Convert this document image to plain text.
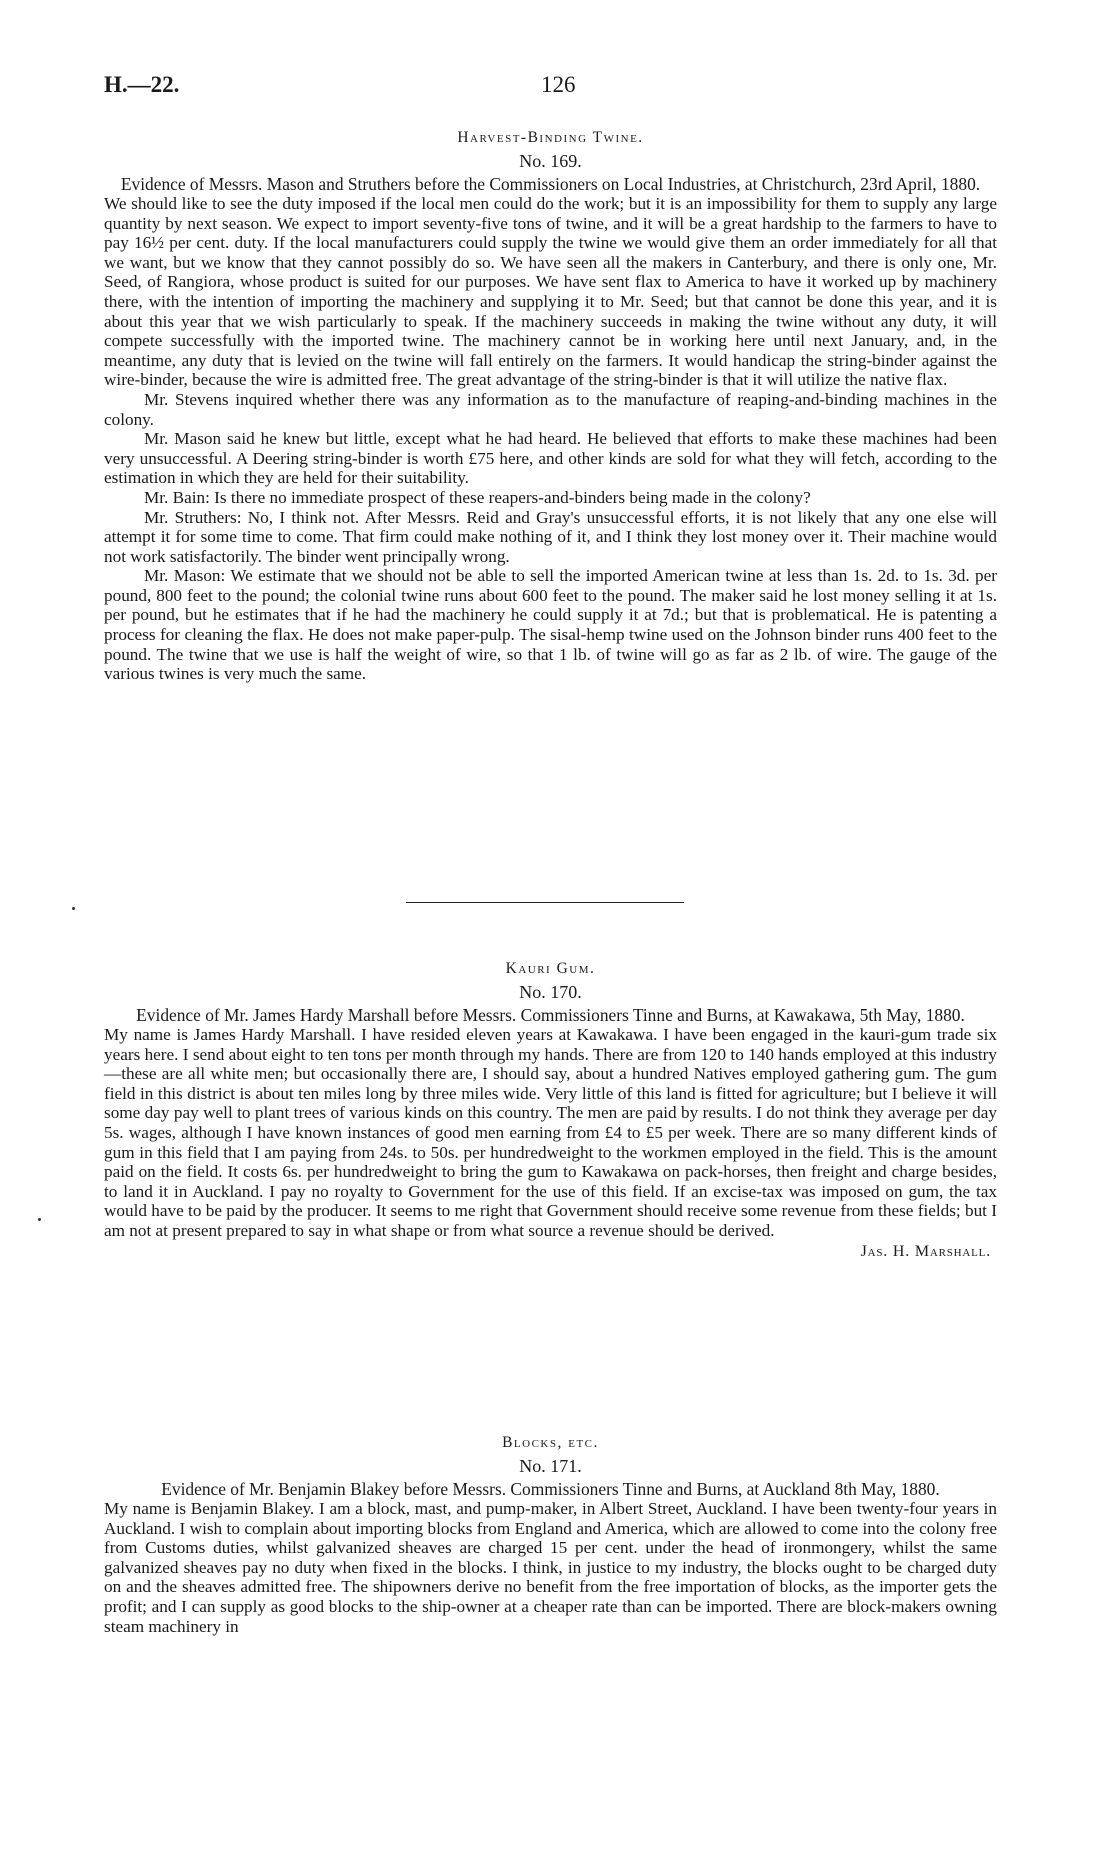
H.—22.	126
Harvest-Binding Twine.
No. 169.
Evidence of Messrs. Mason and Struthers before the Commissioners on Local Industries, at Christchurch, 23rd April, 1880.

We should like to see the duty imposed if the local men could do the work; but it is an impossibility for them to supply any large quantity by next season. We expect to import seventy-five tons of twine, and it will be a great hardship to the farmers to have to pay 16½ per cent. duty. If the local manufacturers could supply the twine we would give them an order immediately for all that we want, but we know that they cannot possibly do so. We have seen all the makers in Canterbury, and there is only one, Mr. Seed, of Rangiora, whose product is suited for our purposes. We have sent flax to America to have it worked up by machinery there, with the intention of importing the machinery and supplying it to Mr. Seed; but that cannot be done this year, and it is about this year that we wish particularly to speak. If the machinery succeeds in making the twine without any duty, it will compete successfully with the imported twine. The machinery cannot be in working here until next January, and, in the meantime, any duty that is levied on the twine will fall entirely on the farmers. It would handicap the string-binder against the wire-binder, because the wire is admitted free. The great advantage of the string-binder is that it will utilize the native flax.

Mr. Stevens inquired whether there was any information as to the manufacture of reaping-and-binding machines in the colony.

Mr. Mason said he knew but little, except what he had heard. He believed that efforts to make these machines had been very unsuccessful. A Deering string-binder is worth £75 here, and other kinds are sold for what they will fetch, according to the estimation in which they are held for their suitability.

Mr. Bain: Is there no immediate prospect of these reapers-and-binders being made in the colony?

Mr. Struthers: No, I think not. After Messrs. Reid and Gray's unsuccessful efforts, it is not likely that any one else will attempt it for some time to come. That firm could make nothing of it, and I think they lost money over it. Their machine would not work satisfactorily. The binder went principally wrong.

Mr. Mason: We estimate that we should not be able to sell the imported American twine at less than 1s. 2d. to 1s. 3d. per pound, 800 feet to the pound; the colonial twine runs about 600 feet to the pound. The maker said he lost money selling it at 1s. per pound, but he estimates that if he had the machinery he could supply it at 7d.; but that is problematical. He is patenting a process for cleaning the flax. He does not make paper-pulp. The sisal-hemp twine used on the Johnson binder runs 400 feet to the pound. The twine that we use is half the weight of wire, so that 1 lb. of twine will go as far as 2 lb. of wire. The gauge of the various twines is very much the same.

Kauri Gum.
No. 170.
Evidence of Mr. James Hardy Marshall before Messrs. Commissioners Tinne and Burns, at Kawakawa, 5th May, 1880.

My name is James Hardy Marshall. I have resided eleven years at Kawakawa. I have been engaged in the kauri-gum trade six years here. I send about eight to ten tons per month through my hands. There are from 120 to 140 hands employed at this industry—these are all white men; but occasionally there are, I should say, about a hundred Natives employed gathering gum. The gum field in this district is about ten miles long by three miles wide. Very little of this land is fitted for agriculture; but I believe it will some day pay well to plant trees of various kinds on this country. The men are paid by results. I do not think they average per day 5s. wages, although I have known instances of good men earning from £4 to £5 per week. There are so many different kinds of gum in this field that I am paying from 24s. to 50s. per hundredweight to the workmen employed in the field. This is the amount paid on the field. It costs 6s. per hundredweight to bring the gum to Kawakawa on pack-horses, then freight and charge besides, to land it in Auckland. I pay no royalty to Government for the use of this field. If an excise-tax was imposed on gum, the tax would have to be paid by the producer. It seems to me right that Government should receive some revenue from these fields; but I am not at present prepared to say in what shape or from what source a revenue should be derived.

Jas. H. Marshall.
Blocks, etc.
No. 171.
Evidence of Mr. Benjamin Blakey before Messrs. Commissioners Tinne and Burns, at Auckland 8th May, 1880.

My name is Benjamin Blakey. I am a block, mast, and pump-maker, in Albert Street, Auckland. I have been twenty-four years in Auckland. I wish to complain about importing blocks from England and America, which are allowed to come into the colony free from Customs duties, whilst galvanized sheaves are charged 15 per cent. under the head of ironmongery, whilst the same galvanized sheaves pay no duty when fixed in the blocks. I think, in justice to my industry, the blocks ought to be charged duty on and the sheaves admitted free. The shipowners derive no benefit from the free importation of blocks, as the importer gets the profit; and I can supply as good blocks to the ship-owner at a cheaper rate than can be imported. There are block-makers owning steam machinery in
